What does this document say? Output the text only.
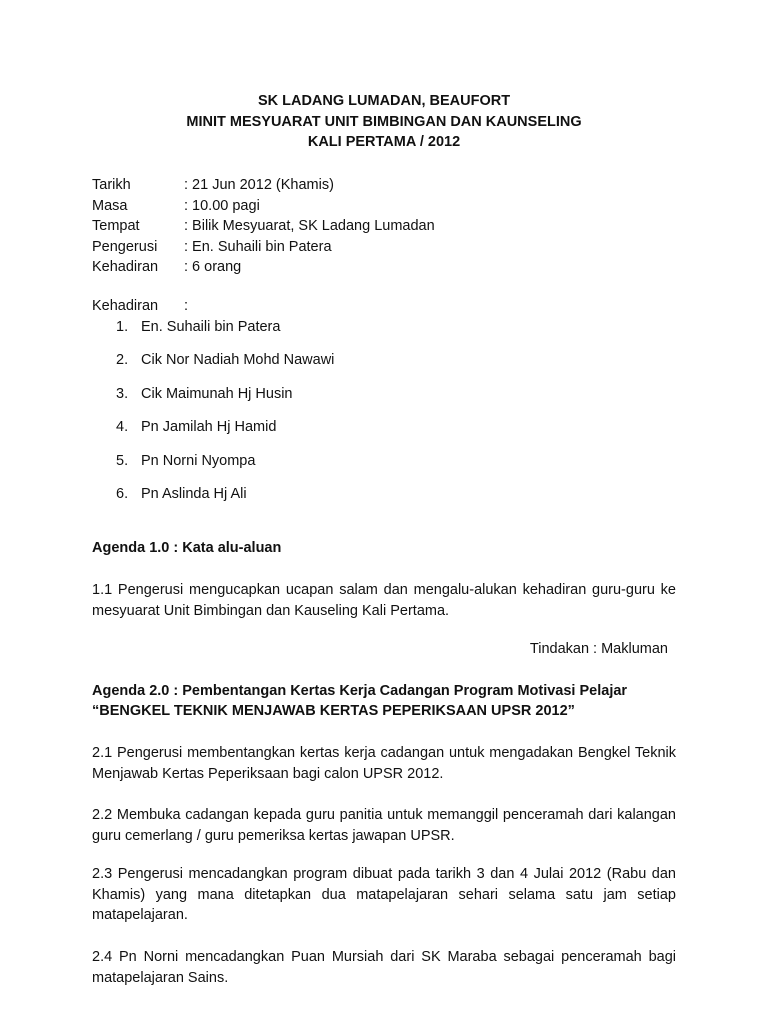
SK LADANG LUMADAN, BEAUFORT
MINIT MESYUARAT UNIT BIMBINGAN DAN KAUNSELING
KALI PERTAMA / 2012
Tarikh	: 21 Jun 2012 (Khamis)
Masa	: 10.00 pagi
Tempat	: Bilik Mesyuarat, SK Ladang Lumadan
Pengerusi : En. Suhaili bin Patera
Kehadiran : 6 orang
Kehadiran :
1. En. Suhaili bin Patera
2. Cik Nor Nadiah Mohd Nawawi
3. Cik Maimunah Hj Husin
4. Pn Jamilah Hj Hamid
5. Pn Norni Nyompa
6. Pn Aslinda Hj Ali
Agenda 1.0 : Kata alu-aluan
1.1 Pengerusi mengucapkan ucapan salam dan mengalu-alukan kehadiran guru-guru ke mesyuarat Unit Bimbingan dan Kauseling Kali Pertama.
Tindakan : Makluman
Agenda 2.0 : Pembentangan Kertas Kerja Cadangan Program Motivasi Pelajar
“BENGKEL TEKNIK MENJAWAB KERTAS PEPERIKSAAN UPSR 2012”
2.1 Pengerusi membentangkan kertas kerja cadangan untuk mengadakan Bengkel Teknik Menjawab Kertas Peperiksaan bagi calon UPSR 2012.
2.2 Membuka cadangan kepada guru panitia untuk memanggil penceramah dari kalangan guru cemerlang / guru pemeriksa kertas jawapan UPSR.
2.3 Pengerusi mencadangkan program dibuat pada tarikh 3 dan 4 Julai 2012 (Rabu dan Khamis) yang mana ditetapkan dua matapelajaran sehari selama satu jam setiap matapelajaran.
2.4 Pn Norni mencadangkan Puan Mursiah dari SK Maraba sebagai penceramah bagi matapelajaran Sains.
